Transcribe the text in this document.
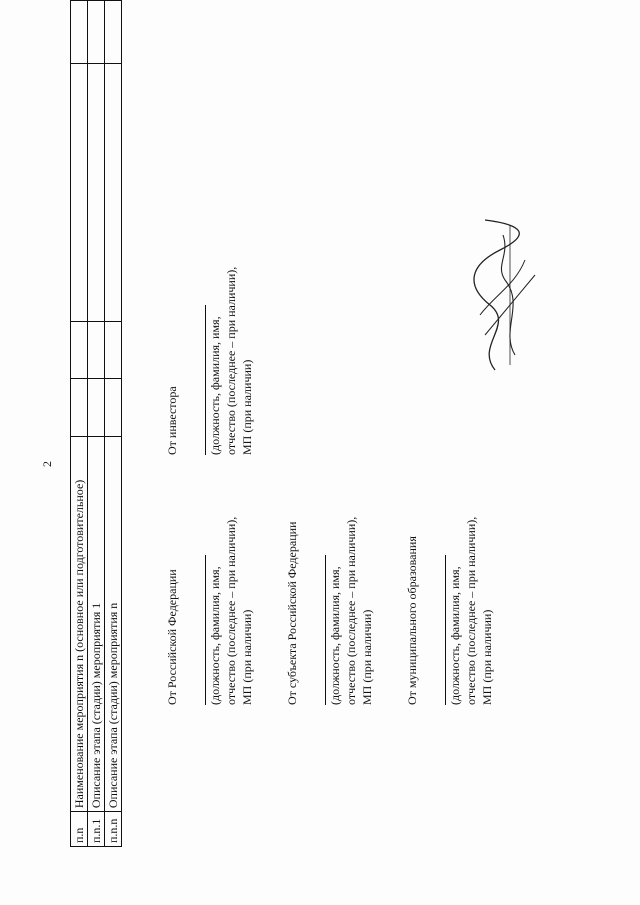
2
п.n	Наименование мероприятия n (основное или подготовительное)				
п.n.1	Описание этапа (стадии) мероприятия 1				
п.n.n	Описание этапа (стадии) мероприятия n					От Российской Федерации (должность, фамилия, имя, отчество (последнее – при наличии), МП (при наличии)
От инвестора (должность, фамилия, имя, отчество (последнее – при наличии), МП (при наличии)
От субъекта Российской Федерации (должность, фамилия, имя, отчество (последнее – при наличии), МП (при наличии)	От муниципального образования (должность, фамилия, имя, отчество (последнее – при наличии), МП (при наличии)
